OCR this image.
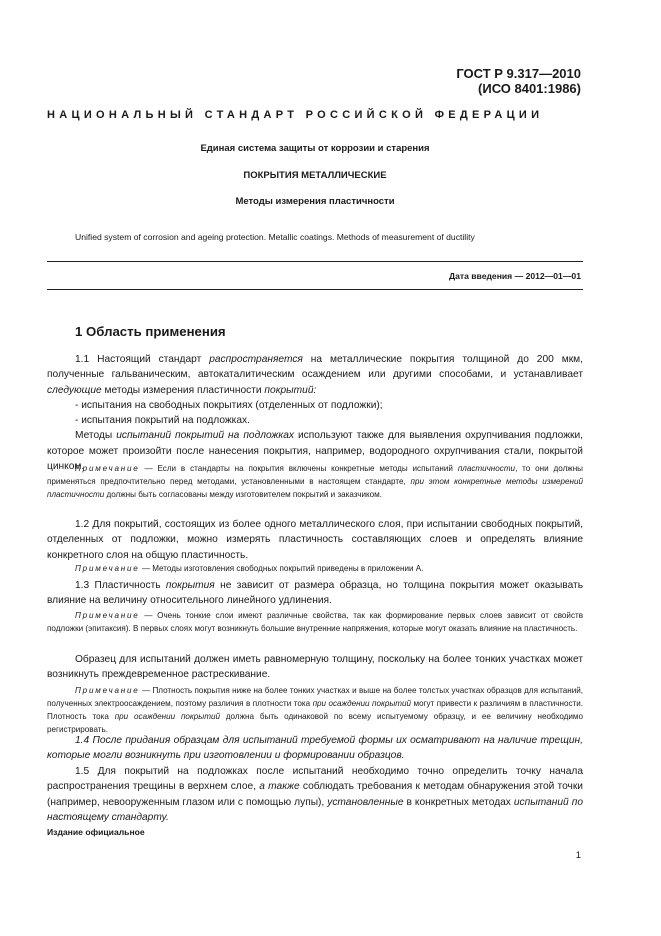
ГОСТ Р 9.317—2010
(ИСО 8401:1986)
НАЦИОНАЛЬНЫЙ СТАНДАРТ РОССИЙСКОЙ ФЕДЕРАЦИИ
Единая система защиты от коррозии и старения
ПОКРЫТИЯ МЕТАЛЛИЧЕСКИЕ
Методы измерения пластичности
Unified system of corrosion and ageing protection. Metallic coatings. Methods of measurement of ductility
Дата введения — 2012—01—01
1 Область применения

1.1 Настоящий стандарт распространяется на металлические покрытия толщиной до 200 мкм, полученные гальваническим, автокаталитическим осаждением или другими способами, и устанавливает следующие методы измерения пластичности покрытий:

- испытания на свободных покрытиях (отделенных от подложки);

- испытания покрытий на подложках.

Методы испытаний покрытий на подложках используют также для выявления охрупчивания подложки, которое может произойти после нанесения покрытия, например, водородного охрупчивания стали, покрытой цинком.

Примечание — Если в стандарты на покрытия включены конкретные методы испытаний пластичности, то они должны применяться предпочтительно перед методами, установленными в настоящем стандарте, при этом конкретные методы измерений пластичности должны быть согласованы между изготовителем покрытий и заказчиком.

1.2 Для покрытий, состоящих из более одного металлического слоя, при испытании свободных покрытий, отделенных от подложки, можно измерять пластичность составляющих слоев и определять влияние конкретного слоя на общую пластичность.

Примечание — Методы изготовления свободных покрытий приведены в приложении А.

1.3 Пластичность покрытия не зависит от размера образца, но толщина покрытия может оказывать влияние на величину относительного линейного удлинения.

Примечание — Очень тонкие слои имеют различные свойства, так как формирование первых слоев зависит от свойств подложки (эпитаксия). В первых слоях могут возникнуть большие внутренние напряжения, которые могут оказать влияние на пластичность.

Образец для испытаний должен иметь равномерную толщину, поскольку на более тонких участках может возникнуть преждевременное растрескивание.

Примечание — Плотность покрытия ниже на более тонких участках и выше на более толстых участках образцов для испытаний, полученных электроосаждением, поэтому различия в плотности тока при осаждении покрытий могут привести к различиям в пластичности. Плотность тока при осаждении покрытий должна быть одинаковой по всему испытуемому образцу, и ее величину необходимо регистрировать.

1.4 После придания образцам для испытаний требуемой формы их осматривают на наличие трещин, которые могли возникнуть при изготовлении и формировании образцов.

1.5 Для покрытий на подложках после испытаний необходимо точно определить точку начала распространения трещины в верхнем слое, а также соблюдать требования к методам обнаружения этой точки (например, невооруженным глазом или с помощью лупы), установленные в конкретных методах испытаний по настоящему стандарту.

Издание официальное
1
